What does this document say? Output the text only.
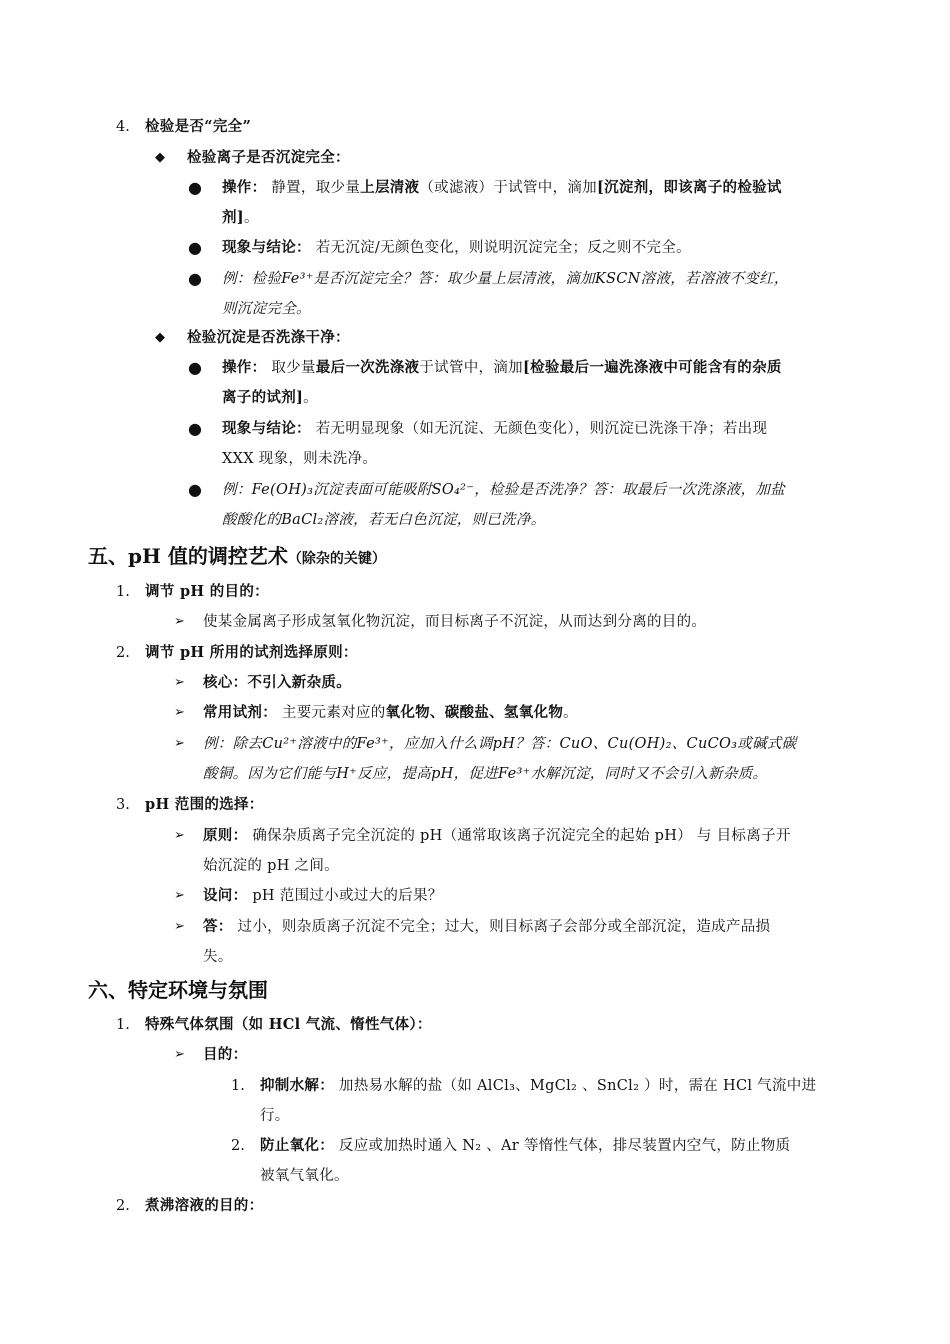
4. 检验是否“完全”
◆ 检验离子是否沉淀完全：
● 操作： 静置，取少量上层清液（或滤液）于试管中，滴加[沉淀剂，即该离子的检验试
剂]。
● 现象与结论： 若无沉淀/无颜色变化，则说明沉淀完全；反之则不完全。
● 例：检验Fe³⁺是否沉淀完全？答：取少量上层清液，滴加KSCN溶液，若溶液不变红，
则沉淀完全。
◆ 检验沉淀是否洗涤干净：
● 操作： 取少量最后一次洗涤液于试管中，滴加[检验最后一遍洗涤液中可能含有的杂质
离子的试剂]。
● 现象与结论： 若无明显现象（如无沉淀、无颜色变化），则沉淀已洗涤干净；若出现
XXX 现象，则未洗净。
● 例：Fe(OH)₃沉淀表面可能吸附SO₄²⁻，检验是否洗净？答：取最后一次洗涤液，加盐
酸酸化的BaCl₂溶液，若无白色沉淀，则已洗净。
五、pH 值的调控艺术（除杂的关键）
1. 调节 pH 的目的：
➢ 使某金属离子形成氢氧化物沉淀，而目标离子不沉淀，从而达到分离的目的。
2. 调节 pH 所用的试剂选择原则：
➢ 核心：不引入新杂质。
➢ 常用试剂： 主要元素对应的氧化物、碳酸盐、氢氧化物。
➢ 例：除去Cu²⁺溶液中的Fe³⁺，应加入什么调pH？答：CuO、Cu(OH)₂、CuCO₃或碱式碳
酸铜。因为它们能与H⁺反应，提高pH，促进Fe³⁺水解沉淀，同时又不会引入新杂质。
3. pH 范围的选择：
➢ 原则： 确保杂质离子完全沉淀的 pH（通常取该离子沉淀完全的起始 pH） 与 目标离子开
始沉淀的 pH 之间。
➢ 设问： pH 范围过小或过大的后果？
➢ 答： 过小，则杂质离子沉淀不完全；过大，则目标离子会部分或全部沉淀，造成产品损
失。
六、特定环境与氛围
1. 特殊气体氛围（如 HCl 气流、惰性气体）：
➢ 目的：
1. 抑制水解： 加热易水解的盐（如 AlCl₃、MgCl₂ 、SnCl₂ ）时，需在 HCl 气流中进
行。
2. 防止氧化： 反应或加热时通入 N₂ 、Ar 等惰性气体，排尽装置内空气，防止物质
被氧气氧化。
2. 煮沸溶液的目的：
